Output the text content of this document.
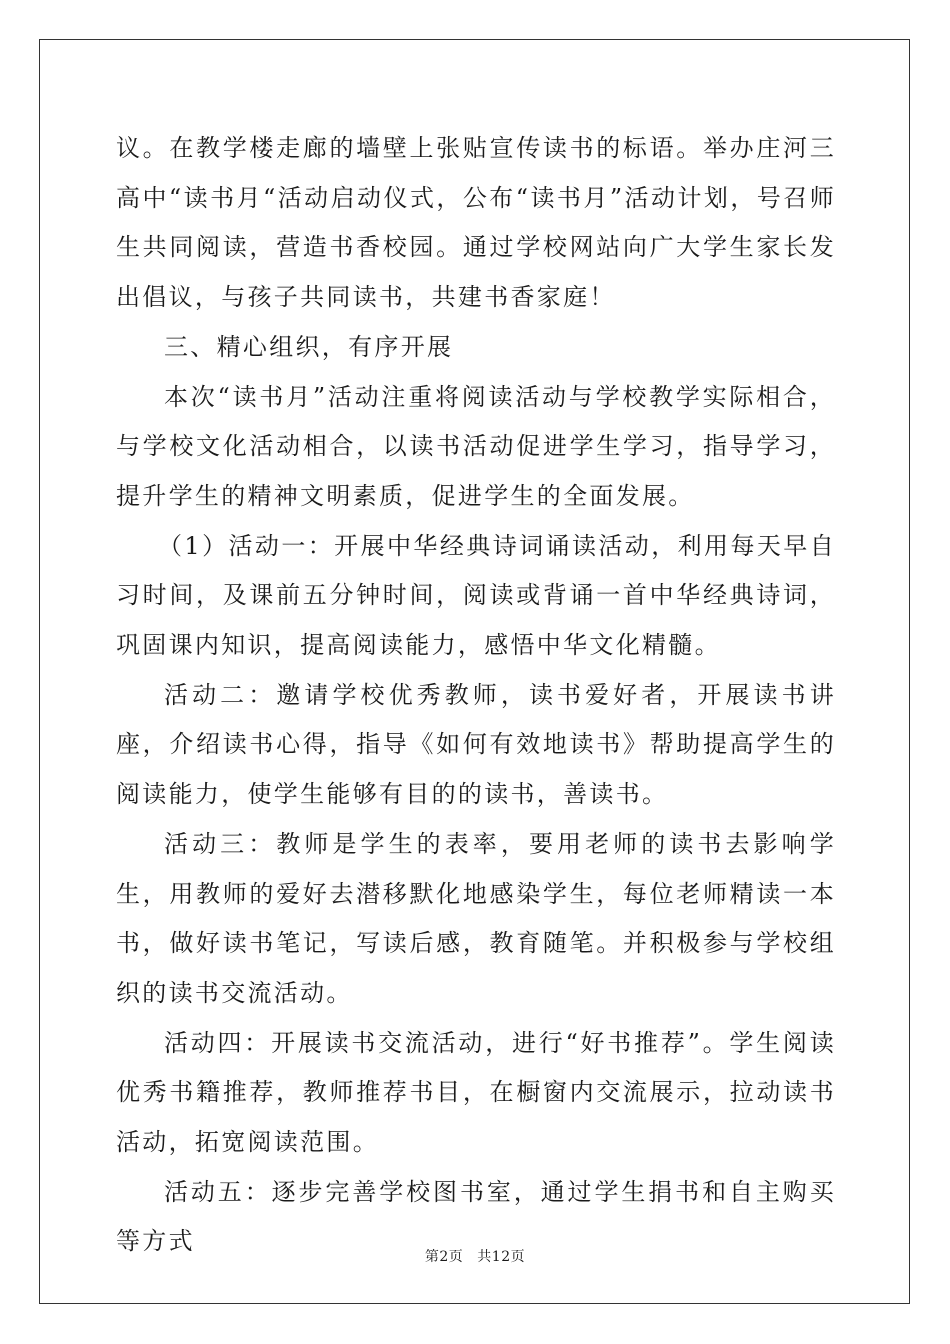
议。在教学楼走廊的墙壁上张贴宣传读书的标语。举办庄河三高中“读书月“活动启动仪式，公布“读书月”活动计划，号召师生共同阅读，营造书香校园。通过学校网站向广大学生家长发出倡议，与孩子共同读书，共建书香家庭！

三、精心组织，有序开展

本次“读书月”活动注重将阅读活动与学校教学实际相合，与学校文化活动相合，以读书活动促进学生学习，指导学习，提升学生的精神文明素质，促进学生的全面发展。

（1）活动一：开展中华经典诗词诵读活动，利用每天早自习时间，及课前五分钟时间，阅读或背诵一首中华经典诗词，巩固课内知识，提高阅读能力，感悟中华文化精髓。

活动二：邀请学校优秀教师，读书爱好者，开展读书讲座，介绍读书心得，指导《如何有效地读书》帮助提高学生的阅读能力，使学生能够有目的的读书，善读书。

活动三：教师是学生的表率，要用老师的读书去影响学生，用教师的爱好去潜移默化地感染学生，每位老师精读一本书，做好读书笔记，写读后感，教育随笔。并积极参与学校组织的读书交流活动。

活动四：开展读书交流活动，进行“好书推荐”。学生阅读优秀书籍推荐，教师推荐书目，在橱窗内交流展示，拉动读书活动，拓宽阅读范围。

活动五：逐步完善学校图书室，通过学生捐书和自主购买等方式

第2页 共12页
